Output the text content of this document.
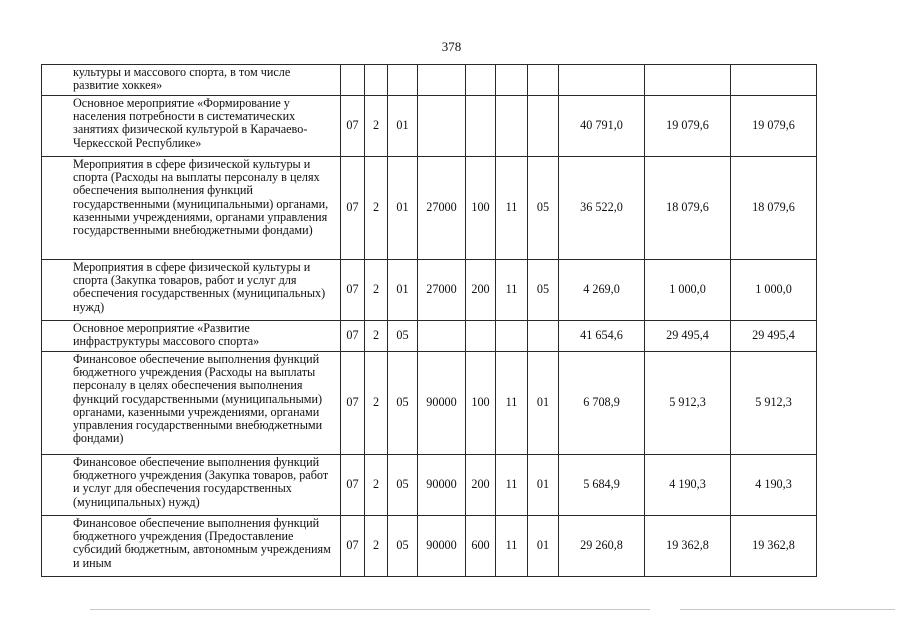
378
культуры и массового спорта, в том числе развитие хоккея»										
Основное мероприятие «Формирование у населения потребности в систематических занятиях физической культурой в Карачаево-Черкесской Республике»	07	2	01					40 791,0	19 079,6	19 079,6
Мероприятия в сфере физической культуры и спорта (Расходы на выплаты персоналу в целях обеспечения выполнения функций государственными (муниципальными) органами, казенными учреждениями, органами управления государственными внебюджетными фондами)	07	2	01	27000	100	11	05	36 522,0	18 079,6	18 079,6
Мероприятия в сфере физической культуры и спорта (Закупка товаров, работ и услуг для обеспечения государственных (муниципальных) нужд)	07	2	01	27000	200	11	05	4 269,0	1 000,0	1 000,0
Основное мероприятие «Развитие инфраструктуры массового спорта»	07	2	05					41 654,6	29 495,4	29 495,4
Финансовое обеспечение выполнения функций бюджетного учреждения (Расходы на выплаты персоналу в целях обеспечения выполнения функций государственными (муниципальными) органами, казенными учреждениями, органами управления государственными внебюджетными фондами)	07	2	05	90000	100	11	01	6 708,9	5 912,3	5 912,3
Финансовое обеспечение выполнения функций бюджетного учреждения (Закупка товаров, работ и услуг для обеспечения государственных (муниципальных) нужд)	07	2	05	90000	200	11	01	5 684,9	4 190,3	4 190,3
Финансовое обеспечение выполнения функций бюджетного учреждения (Предоставление субсидий бюджетным, автономным учреждениям и иным	07	2	05	90000	600	11	01	29 260,8	19 362,8	19 362,8
